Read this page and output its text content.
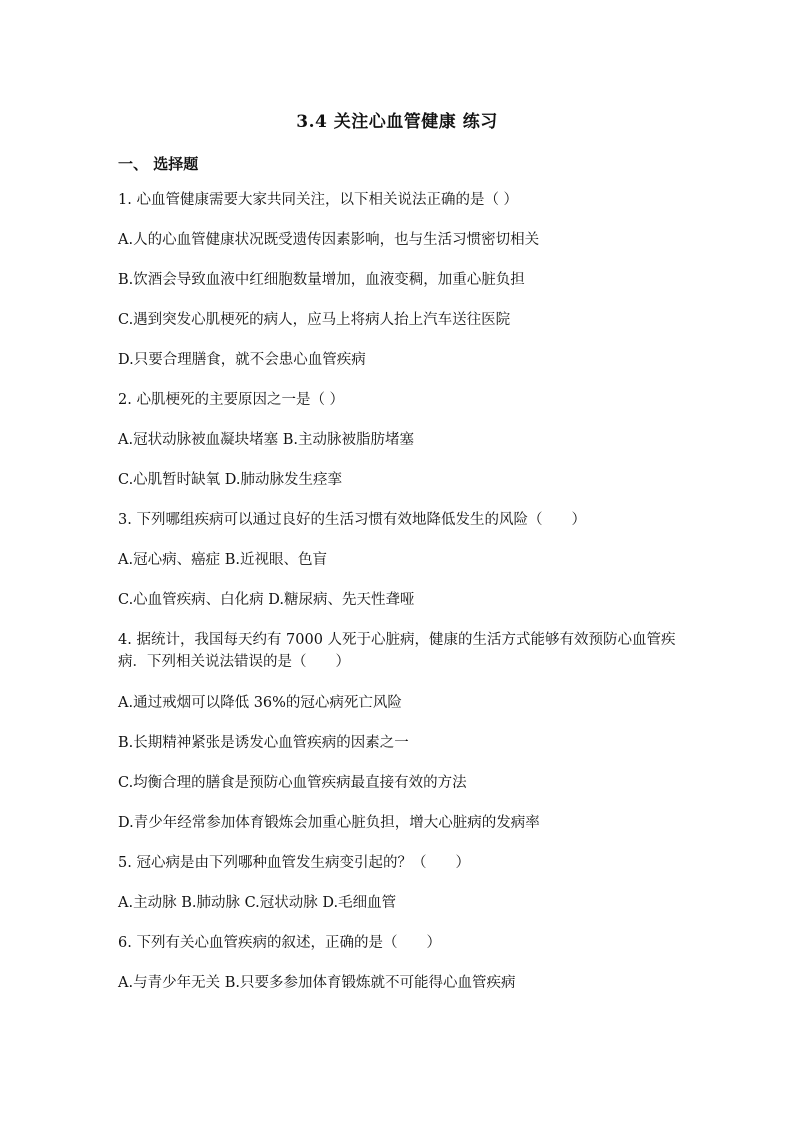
3.4 关注心血管健康 练习
一、 选择题
1. 心血管健康需要大家共同关注，以下相关说法正确的是（ ）
A.人的心血管健康状况既受遗传因素影响，也与生活习惯密切相关
B.饮酒会导致血液中红细胞数量增加，血液变稠，加重心脏负担
C.遇到突发心肌梗死的病人，应马上将病人抬上汽车送往医院
D.只要合理膳食，就不会患心血管疾病
2. 心肌梗死的主要原因之一是（ ）
A.冠状动脉被血凝块堵塞 B.主动脉被脂肪堵塞
C.心肌暂时缺氧 D.肺动脉发生痉挛
3. 下列哪组疾病可以通过良好的生活习惯有效地降低发生的风险（　　）
A.冠心病、癌症 B.近视眼、色盲
C.心血管疾病、白化病 D.糖尿病、先天性聋哑
4. 据统计，我国每天约有 7000 人死于心脏病，健康的生活方式能够有效预防心血管疾病．下列相关说法错误的是（　　）
A.通过戒烟可以降低 36%的冠心病死亡风险
B.长期精神紧张是诱发心血管疾病的因素之一
C.均衡合理的膳食是预防心血管疾病最直接有效的方法
D.青少年经常参加体育锻炼会加重心脏负担，增大心脏病的发病率
5. 冠心病是由下列哪种血管发生病变引起的？（　　）
A.主动脉 B.肺动脉 C.冠状动脉 D.毛细血管
6. 下列有关心血管疾病的叙述，正确的是（　　）
A.与青少年无关 B.只要多参加体育锻炼就不可能得心血管疾病
